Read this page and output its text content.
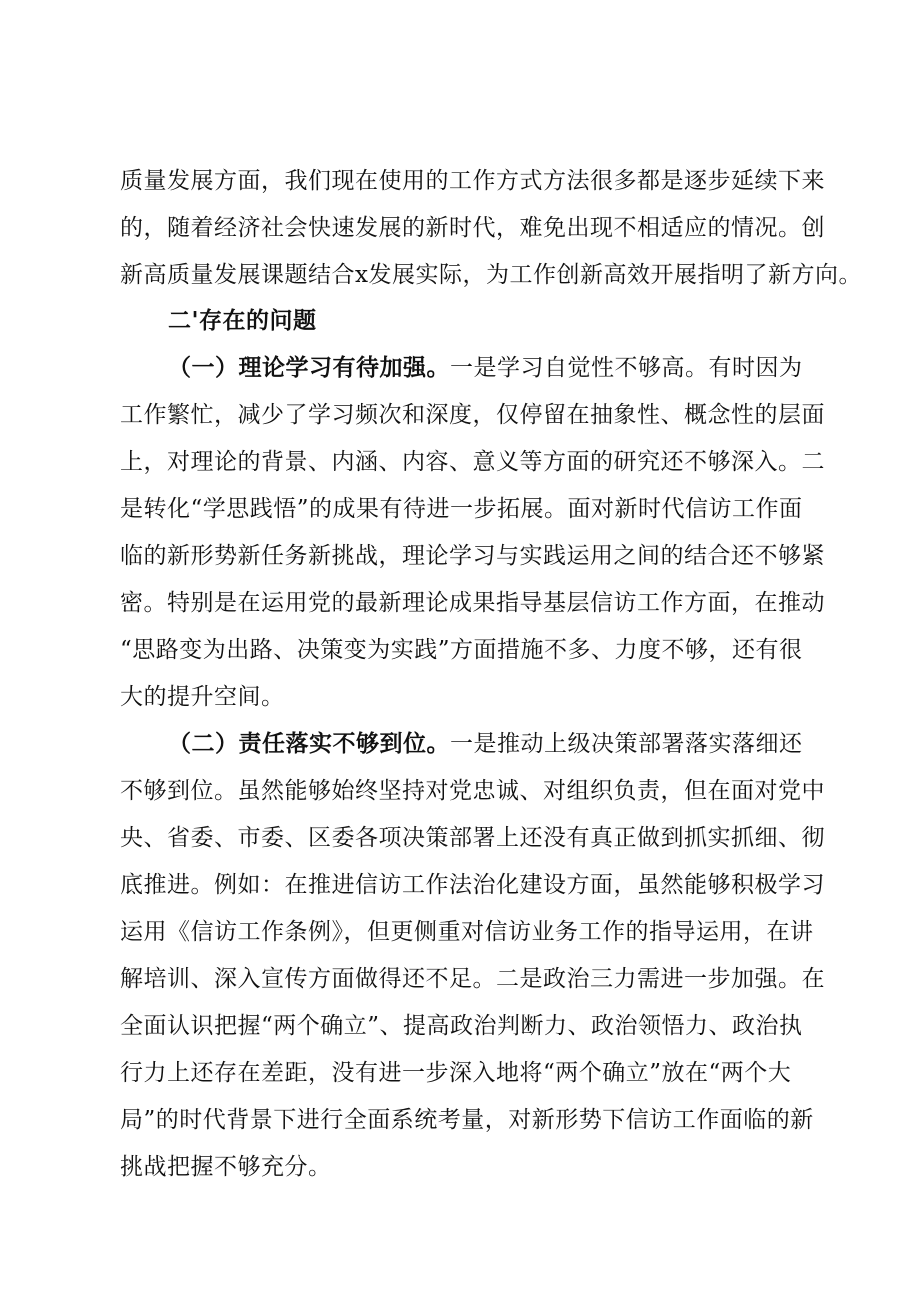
质量发展方面，我们现在使用的工作方式方法很多都是逐步延续下来
的，随着经济社会快速发展的新时代，难免出现不相适应的情况。创
新高质量发展课题结合x发展实际，为工作创新高效开展指明了新方向。
二'存在的问题
（一）理论学习有待加强。一是学习自觉性不够高。有时因为
工作繁忙，减少了学习频次和深度，仅停留在抽象性、概念性的层面
上，对理论的背景、内涵、内容、意义等方面的研究还不够深入。二
是转化“学思践悟”的成果有待进一步拓展。面对新时代信访工作面
临的新形势新任务新挑战，理论学习与实践运用之间的结合还不够紧
密。特别是在运用党的最新理论成果指导基层信访工作方面，在推动
“思路变为出路、决策变为实践”方面措施不多、力度不够，还有很
大的提升空间。
（二）责任落实不够到位。一是推动上级决策部署落实落细还
不够到位。虽然能够始终坚持对党忠诚、对组织负责，但在面对党中
央、省委、市委、区委各项决策部署上还没有真正做到抓实抓细、彻
底推进。例如：在推进信访工作法治化建设方面，虽然能够积极学习
运用《信访工作条例》，但更侧重对信访业务工作的指导运用，在讲
解培训、深入宣传方面做得还不足。二是政治三力需进一步加强。在
全面认识把握“两个确立”、提高政治判断力、政治领悟力、政治执
行力上还存在差距，没有进一步深入地将“两个确立”放在“两个大
局”的时代背景下进行全面系统考量，对新形势下信访工作面临的新
挑战把握不够充分。
